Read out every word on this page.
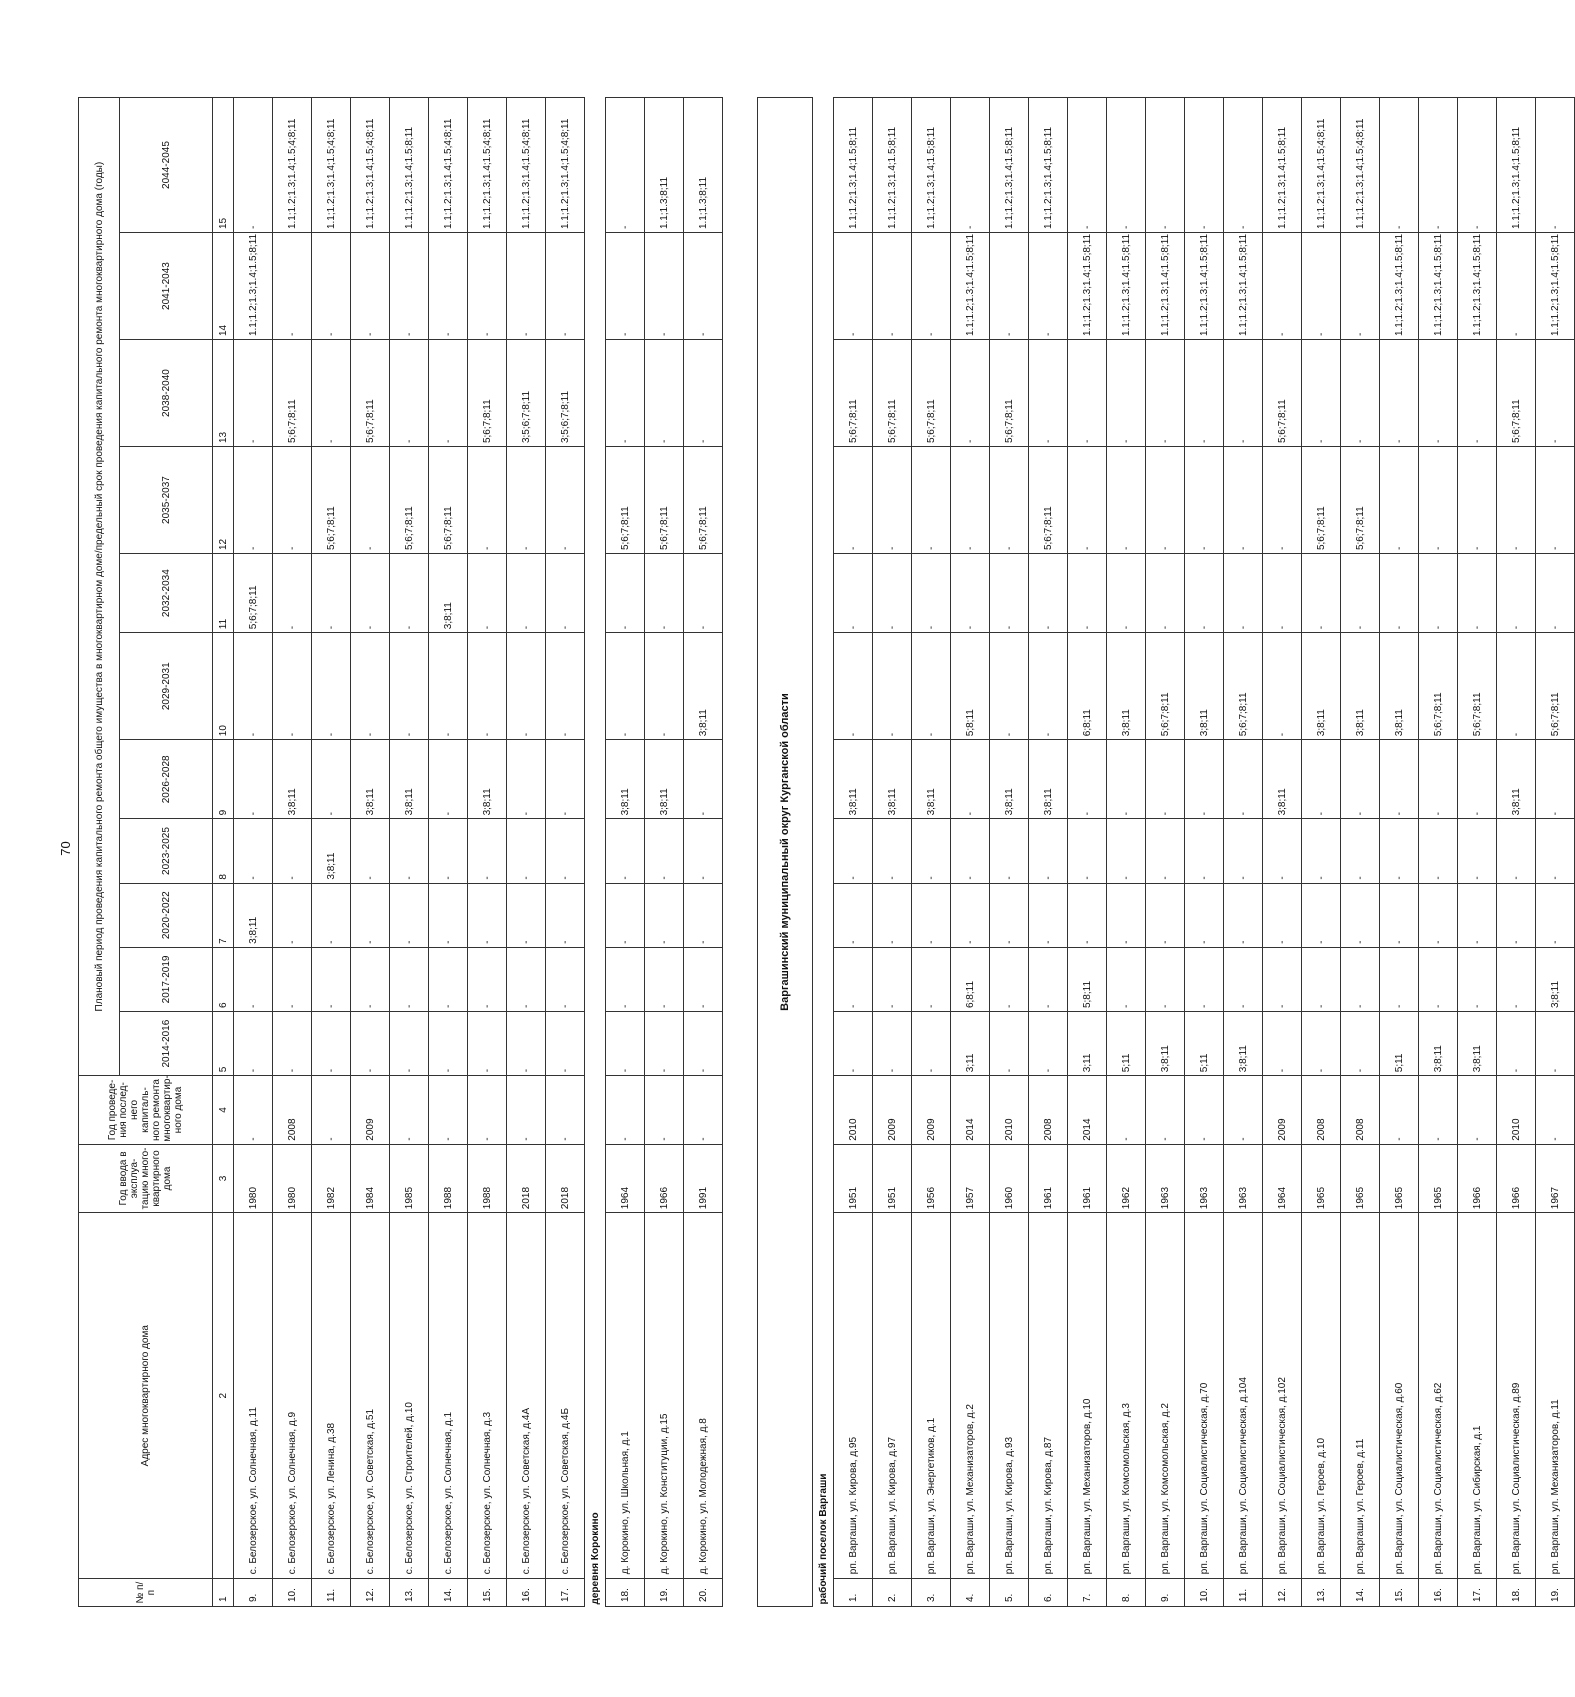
70
№ п/п	Адрес многоквартирного дома	Год ввода в эксплуа-тацию много-квартирного дома	Год проведе-ния послед-него капиталь-ного ремонта многоквартир-ного дома	Плановый период проведения капитального ремонта общего имущества в многоквартирном доме/предельный срок проведения капитального ремонта многоквартирного дома (годы)										
				2014-2016	2017-2019	2020-2022	2023-2025	2026-2028	2029-2031	2032-2034	2035-2037	2038-2040	2041-2043	2044-2045
1	2	3	4	5	6	7	8	9	10	11	12	13	14	15
9.	с. Белозерское, ул. Солнечная, д.11	1980	-	-	-	3;8;11	-	-	-	5;6;7;8;11	-	-	1.1;1.2;1.3;1.4;1.5;8;11	-
10.	с. Белозерское, ул. Солнечная, д.9	1980	2008	-	-	-	-	3;8;11	-	-	-	5;6;7;8;11	-	1.1;1.2;1.3;1.4;1.5;4;8;11
11.	с. Белозерское, ул. Ленина, д.38	1982	-	-	-	-	3;8;11	-	-	-	5;6;7;8;11	-	-	1.1;1.2;1.3;1.4;1.5;4;8;11
12.	с. Белозерское, ул. Советская, д.51	1984	2009	-	-	-	-	3;8;11	-	-	-	5;6;7;8;11	-	1.1;1.2;1.3;1.4;1.5;4;8;11
13.	с. Белозерское, ул. Строителей, д.10	1985	-	-	-	-	-	3;8;11	-	-	5;6;7;8;11	-	-	1.1;1.2;1.3;1.4;1.5;8;11
14.	с. Белозерское, ул. Солнечная, д.1	1988	-	-	-	-	-	-	-	3;8;11	5;6;7;8;11	-	-	1.1;1.2;1.3;1.4;1.5;4;8;11
15.	с. Белозерское, ул. Солнечная, д.3	1988	-	-	-	-	-	3;8;11	-	-	-	5;6;7;8;11	-	1.1;1.2;1.3;1.4;1.5;4;8;11
16.	с. Белозерское, ул. Советская, д.4А	2018	-	-	-	-	-	-	-	-	-	3;5;6;7;8;11	-	1.1;1.2;1.3;1.4;1.5;4;8;11
17.	с. Белозерское, ул. Советская, д.4Б	2018	-	-	-	-	-	-	-	-	-	3;5;6;7;8;11	-	1.1;1.2;1.3;1.4;1.5;4;8;11
деревня Корокино														
18.	д. Корокино, ул. Школьная, д.1	1964	-	-	-	-	-	3;8;11	-	-	5;6;7;8;11	-	-	-
19.	д. Корокино, ул. Конституции, д.15	1966	-	-	-	-	-	3;8;11	-	-	5;6;7;8;11	-	-	1.1;1.3;8;11
20.	д. Корокино, ул. Молодежная, д.8	1991	-	-	-	-	-	-	3;8;11	-	5;6;7;8;11	-	-	1.1;1.3;8;11

Варгашинский муниципальный округ Курганской области														
рабочий поселок Варгаши														
1.	рп. Варгаши, ул. Кирова, д.95	1951	2010	-	-	-	-	3;8;11	-	-	-	5;6;7;8;11	-	1.1;1.2;1.3;1.4;1.5;8;11
2.	рп. Варгаши, ул. Кирова, д.97	1951	2009	-	-	-	-	3;8;11	-	-	-	5;6;7;8;11	-	1.1;1.2;1.3;1.4;1.5;8;11
3.	рп. Варгаши, ул. Энергетиков, д.1	1956	2009	-	-	-	-	3;8;11	-	-	-	5;6;7;8;11	-	1.1;1.2;1.3;1.4;1.5;8;11
4.	рп. Варгаши, ул. Механизаторов, д.2	1957	2014	3;11	6;8;11	-	-	-	5;8;11	-	-	-	1.1;1.2;1.3;1.4;1.5;8;11	-
5.	рп. Варгаши, ул. Кирова, д.93	1960	2010	-	-	-	-	3;8;11	-	-	-	5;6;7;8;11	-	1.1;1.2;1.3;1.4;1.5;8;11
6.	рп. Варгаши, ул. Кирова, д.87	1961	2008	-	-	-	-	3;8;11	-	-	5;6;7;8;11	-	-	1.1;1.2;1.3;1.4;1.5;8;11
7.	рп. Варгаши, ул. Механизаторов, д.10	1961	2014	3;11	5;8;11	-	-	-	6;8;11	-	-	-	1.1;1.2;1.3;1.4;1.5;8;11	-
8.	рп. Варгаши, ул. Комсомольская, д.3	1962	-	5;11	-	-	-	-	3;8;11	-	-	-	1.1;1.2;1.3;1.4;1.5;8;11	-
9.	рп. Варгаши, ул. Комсомольская, д.2	1963	-	3;8;11	-	-	-	-	5;6;7;8;11	-	-	-	1.1;1.2;1.3;1.4;1.5;8;11	-
10.	рп. Варгаши, ул. Социалистическая, д.70	1963	-	5;11	-	-	-	-	3;8;11	-	-	-	1.1;1.2;1.3;1.4;1.5;8;11	-
11.	рп. Варгаши, ул. Социалистическая, д.104	1963	-	3;8;11	-	-	-	-	5;6;7;8;11	-	-	-	1.1;1.2;1.3;1.4;1.5;8;11	-
12.	рп. Варгаши, ул. Социалистическая, д.102	1964	2009	-	-	-	-	3;8;11	-	-	-	5;6;7;8;11	-	1.1;1.2;1.3;1.4;1.5;8;11
13.	рп. Варгаши, ул. Героев, д.10	1965	2008	-	-	-	-	-	3;8;11	-	5;6;7;8;11	-	-	1.1;1.2;1.3;1.4;1.5;4;8;11
14.	рп. Варгаши, ул. Героев, д.11	1965	2008	-	-	-	-	-	3;8;11	-	5;6;7;8;11	-	-	1.1;1.2;1.3;1.4;1.5;4;8;11
15.	рп. Варгаши, ул. Социалистическая, д.60	1965	-	5;11	-	-	-	-	3;8;11	-	-	-	1.1;1.2;1.3;1.4;1.5;8;11	-
16.	рп. Варгаши, ул. Социалистическая, д.62	1965	-	3;8;11	-	-	-	-	5;6;7;8;11	-	-	-	1.1;1.2;1.3;1.4;1.5;8;11	-
17.	рп. Варгаши, ул. Сибирская, д.1	1966	-	3;8;11	-	-	-	-	5;6;7;8;11	-	-	-	1.1;1.2;1.3;1.4;1.5;8;11	-
18.	рп. Варгаши, ул. Социалистическая, д.89	1966	2010	-	-	-	-	3;8;11	-	-	-	5;6;7;8;11	-	1.1;1.2;1.3;1.4;1.5;8;11
19.	рп. Варгаши, ул. Механизаторов, д.11	1967	-	-	3;8;11	-	-	-	5;6;7;8;11	-	-	-	1.1;1.2;1.3;1.4;1.5;8;11	-
